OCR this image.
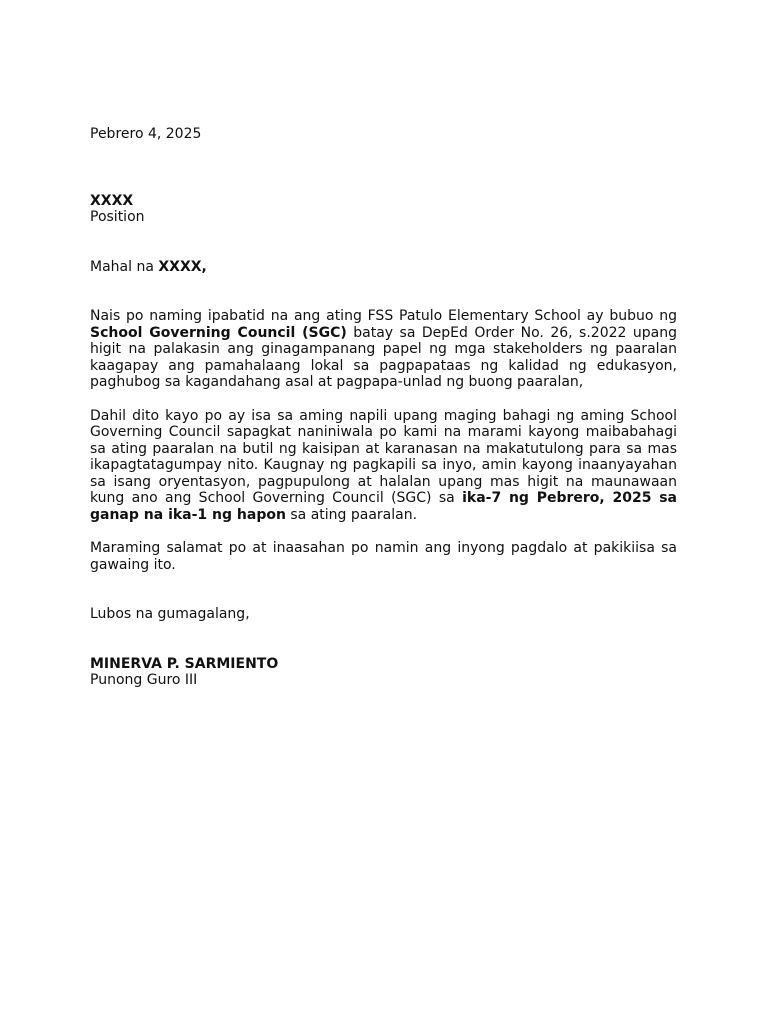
Pebrero 4, 2025

XXXX

Position

Mahal na XXXX,

Nais po naming ipabatid na ang ating FSS Patulo Elementary School ay bubuo ng School Governing Council (SGC) batay sa DepEd Order No. 26, s.2022 upang higit na palakasin ang ginagampanang papel ng mga stakeholders ng paaralan kaagapay ang pamahalaang lokal sa pagpapataas ng kalidad ng edukasyon, paghubog sa kagandahang asal at pagpapa-unlad ng buong paaralan,

Dahil dito kayo po ay isa sa aming napili upang maging bahagi ng aming School Governing Council sapagkat naniniwala po kami na marami kayong maibabahagi sa ating paaralan na butil ng kaisipan at karanasan na makatutulong para sa mas ikapagtatagumpay nito. Kaugnay ng pagkapili sa inyo, amin kayong inaanyayahan sa isang oryentasyon, pagpupulong at halalan upang mas higit na maunawaan kung ano ang School Governing Council (SGC) sa ika-7 ng Pebrero, 2025 sa ganap na ika-1 ng hapon sa ating paaralan.

Maraming salamat po at inaasahan po namin ang inyong pagdalo at pakikiisa sa gawaing ito.

Lubos na gumagalang,

MINERVA P. SARMIENTO

Punong Guro III
